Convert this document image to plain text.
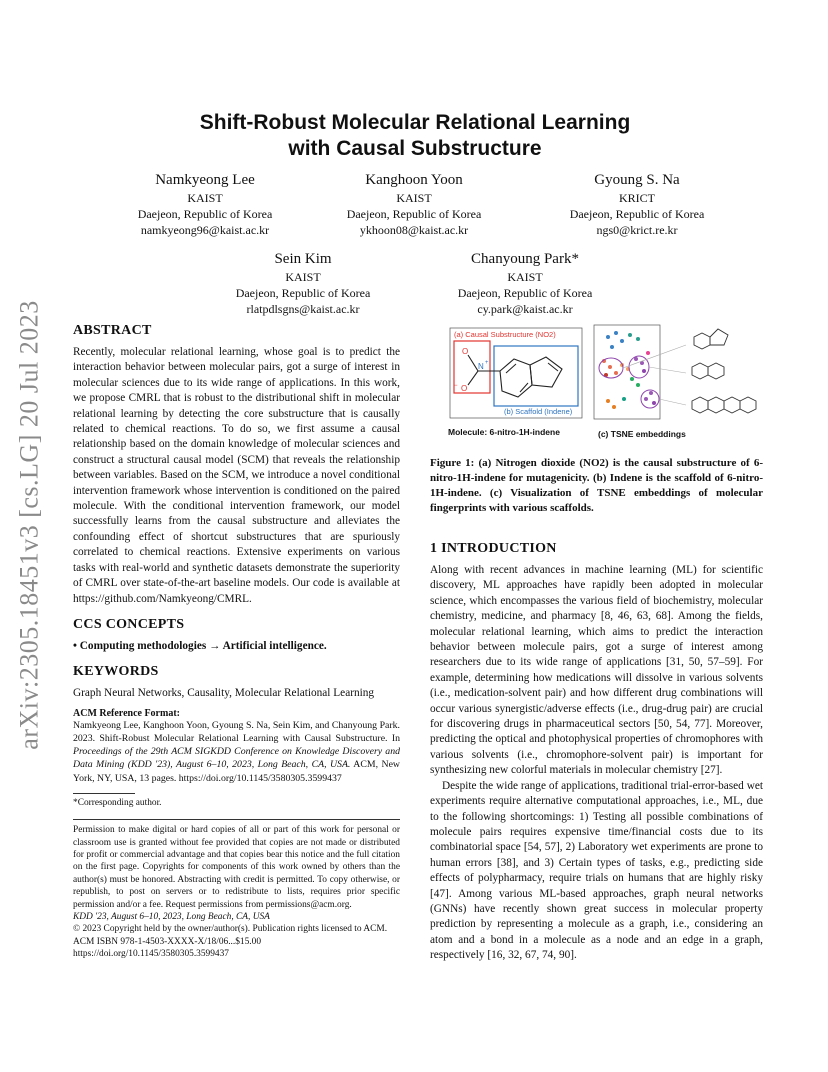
arXiv:2305.18451v3 [cs.LG] 20 Jul 2023
Shift-Robust Molecular Relational Learning
with Causal Substructure
Namkyeong Lee
KAIST
Daejeon, Republic of Korea
namkyeong96@kaist.ac.kr
Kanghoon Yoon
KAIST
Daejeon, Republic of Korea
ykhoon08@kaist.ac.kr
Gyoung S. Na
KRICT
Daejeon, Republic of Korea
ngs0@krict.re.kr
Sein Kim
KAIST
Daejeon, Republic of Korea
rlatpdlsgns@kaist.ac.kr
Chanyoung Park*
KAIST
Daejeon, Republic of Korea
cy.park@kaist.ac.kr
ABSTRACT

Recently, molecular relational learning, whose goal is to predict the interaction behavior between molecular pairs, got a surge of interest in molecular sciences due to its wide range of applications. In this work, we propose CMRL that is robust to the distributional shift in molecular relational learning by detecting the core substructure that is causally related to chemical reactions. To do so, we first assume a causal relationship based on the domain knowledge of molecular sciences and construct a structural causal model (SCM) that reveals the relationship between variables. Based on the SCM, we introduce a novel conditional intervention framework whose intervention is conditioned on the paired molecule. With the conditional intervention framework, our model successfully learns from the causal substructure and alleviates the confounding effect of shortcut substructures that are spuriously correlated to chemical reactions. Extensive experiments on various tasks with real-world and synthetic datasets demonstrate the superiority of CMRL over state-of-the-art baseline models. Our code is available at https://github.com/Namkyeong/CMRL.

CCS CONCEPTS

• Computing methodologies → Artificial intelligence.

KEYWORDS

Graph Neural Networks, Causality, Molecular Relational Learning

ACM Reference Format:

Namkyeong Lee, Kanghoon Yoon, Gyoung S. Na, Sein Kim, and Chanyoung Park. 2023. Shift-Robust Molecular Relational Learning with Causal Substructure. In Proceedings of the 29th ACM SIGKDD Conference on Knowledge Discovery and Data Mining (KDD '23), August 6–10, 2023, Long Beach, CA, USA. ACM, New York, NY, USA, 13 pages. https://doi.org/10.1145/3580305.3599437

*Corresponding author.

Permission to make digital or hard copies of all or part of this work for personal or classroom use is granted without fee provided that copies are not made or distributed for profit or commercial advantage and that copies bear this notice and the full citation on the first page. Copyrights for components of this work owned by others than the author(s) must be honored. Abstracting with credit is permitted. To copy otherwise, or republish, to post on servers or to redistribute to lists, requires prior specific permission and/or a fee. Request permissions from permissions@acm.org.

KDD '23, August 6–10, 2023, Long Beach, CA, USA

© 2023 Copyright held by the owner/author(s). Publication rights licensed to ACM.

ACM ISBN 978-1-4503-XXXX-X/18/06...$15.00

https://doi.org/10.1145/3580305.3599437

O
N +
O
−
(a) Causal Substructure (NO2)
(b) Scaffold (Indene)
Molecule: 6-nitro-1H-indene	(c) TSNE embeddings
Figure 1: (a) Nitrogen dioxide (NO2) is the causal substructure of 6-nitro-1H-indene for mutagenicity. (b) Indene is the scaffold of 6-nitro-1H-indene. (c) Visualization of TSNE embeddings of molecular fingerprints with various scaffolds.
1 INTRODUCTION

Along with recent advances in machine learning (ML) for scientific discovery, ML approaches have rapidly been adopted in molecular science, which encompasses the various field of biochemistry, molecular chemistry, medicine, and pharmacy [8, 46, 63, 68]. Among the fields, molecular relational learning, which aims to predict the interaction behavior between molecule pairs, got a surge of interest among researchers due to its wide range of applications [31, 50, 57–59]. For example, determining how medications will dissolve in various solvents (i.e., medication-solvent pair) and how different drug combinations will occur various synergistic/adverse effects (i.e., drug-drug pair) are crucial for discovering drugs in pharmaceutical sectors [50, 54, 77]. Moreover, predicting the optical and photophysical properties of chromophores with various solvents (i.e., chromophore-solvent pair) is important for synthesizing new colorful materials in molecular chemistry [27].

Despite the wide range of applications, traditional trial-error-based wet experiments require alternative computational approaches, i.e., ML, due to the following shortcomings: 1) Testing all possible combinations of molecule pairs requires expensive time/financial costs due to its combinatorial space [54, 57], 2) Laboratory wet experiments are prone to human errors [38], and 3) Certain types of tasks, e.g., predicting side effects of polypharmacy, require trials on humans that are highly risky [47]. Among various ML-based approaches, graph neural networks (GNNs) have recently shown great success in molecular property prediction by representing a molecule as a graph, i.e., considering an atom and a bond in a molecule as a node and an edge in a graph, respectively [16, 32, 67, 74, 90].
